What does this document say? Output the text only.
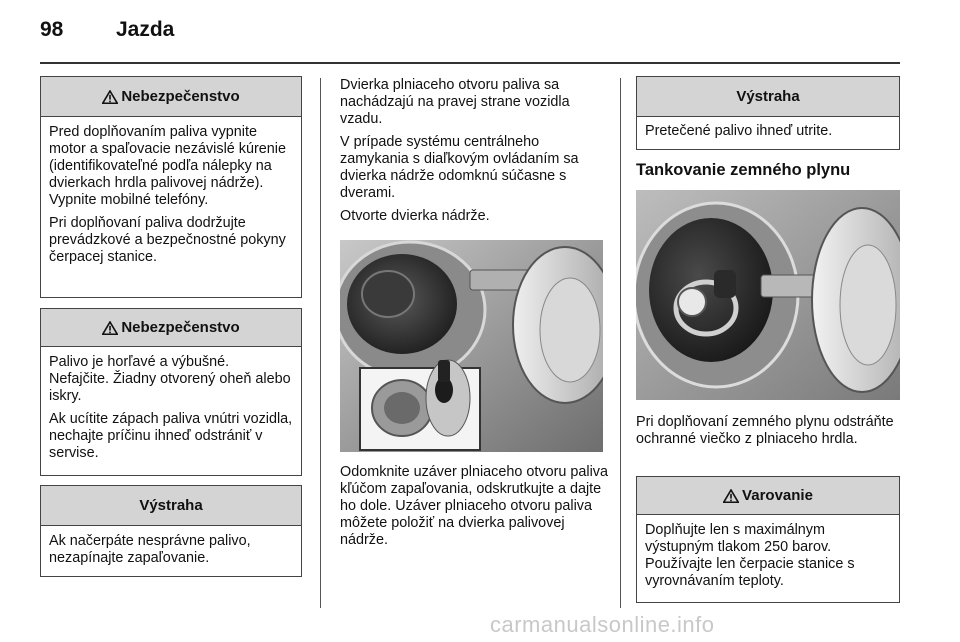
98	Jazda
Nebezpečenstvo

Pred doplňovaním paliva vypnite motor a spaľovacie nezávislé kúrenie (identifikovateľné podľa nálepky na dvierkach hrdla palivovej nádrže). Vypnite mobilné telefóny.

Pri doplňovaní paliva dodržujte prevádzkové a bezpečnostné pokyny čerpacej stanice.

Nebezpečenstvo

Palivo je horľavé a výbušné. Nefajčite. Žiadny otvorený oheň alebo iskry.

Ak ucítite zápach paliva vnútri vozidla, nechajte príčinu ihneď odstrániť v servise.

Výstraha

Ak načerpáte nesprávne palivo, nezapínajte zapaľovanie.

Dvierka plniaceho otvoru paliva sa nachádzajú na pravej strane vozidla vzadu.

V prípade systému centrálneho zamykania s diaľkovým ovládaním sa dvierka nádrže odomknú súčasne s dverami.

Otvorte dvierka nádrže.

Odomknite uzáver plniaceho otvoru paliva kľúčom zapaľovania, odskrutkujte a dajte ho dole. Uzáver plniaceho otvoru paliva môžete položiť na dvierka palivovej nádrže.

Výstraha

Pretečené palivo ihneď utrite.

Tankovanie zemného plynu

Pri doplňovaní zemného plynu odstráňte ochranné viečko z plniaceho hrdla.

Varovanie

Doplňujte len s maximálnym výstupným tlakom 250 barov. Používajte len čerpacie stanice s vyrovnávaním teploty.

carmanualsonline.info
